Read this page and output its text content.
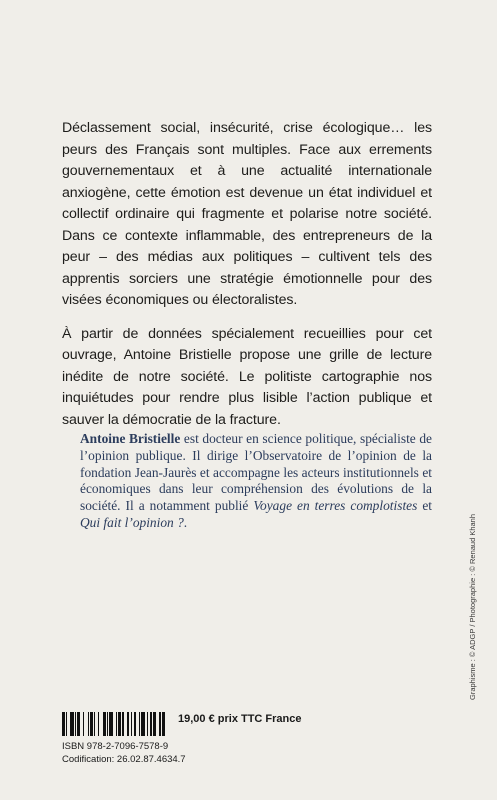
Déclassement social, insécurité, crise écologique… les peurs des Français sont multiples. Face aux errements gouvernementaux et à une actualité internationale anxiogène, cette émotion est devenue un état individuel et collectif ordinaire qui fragmente et polarise notre société. Dans ce contexte inflammable, des entrepreneurs de la peur – des médias aux politiques – cultivent tels des apprentis sorciers une stratégie émotionnelle pour des visées économiques ou électoralistes.

À partir de données spécialement recueillies pour cet ouvrage, Antoine Bristielle propose une grille de lecture inédite de notre société. Le politiste cartographie nos inquiétudes pour rendre plus lisible l’action publique et sauver la démocratie de la fracture.

Antoine Bristielle est docteur en science politique, spécialiste de l’opinion publique. Il dirige l’Observatoire de l’opinion de la fondation Jean-Jaurès et accompagne les acteurs institutionnels et économiques dans leur compréhension des évolutions de la société. Il a notamment publié Voyage en terres complotistes et Qui fait l’opinion ?.	Graphisme : © ADGP / Photographie : © Renaud Khanh
19,00 € prix TTC France
ISBN 978-2-7096-7578-9
Codification: 26.02.87.4634.7
